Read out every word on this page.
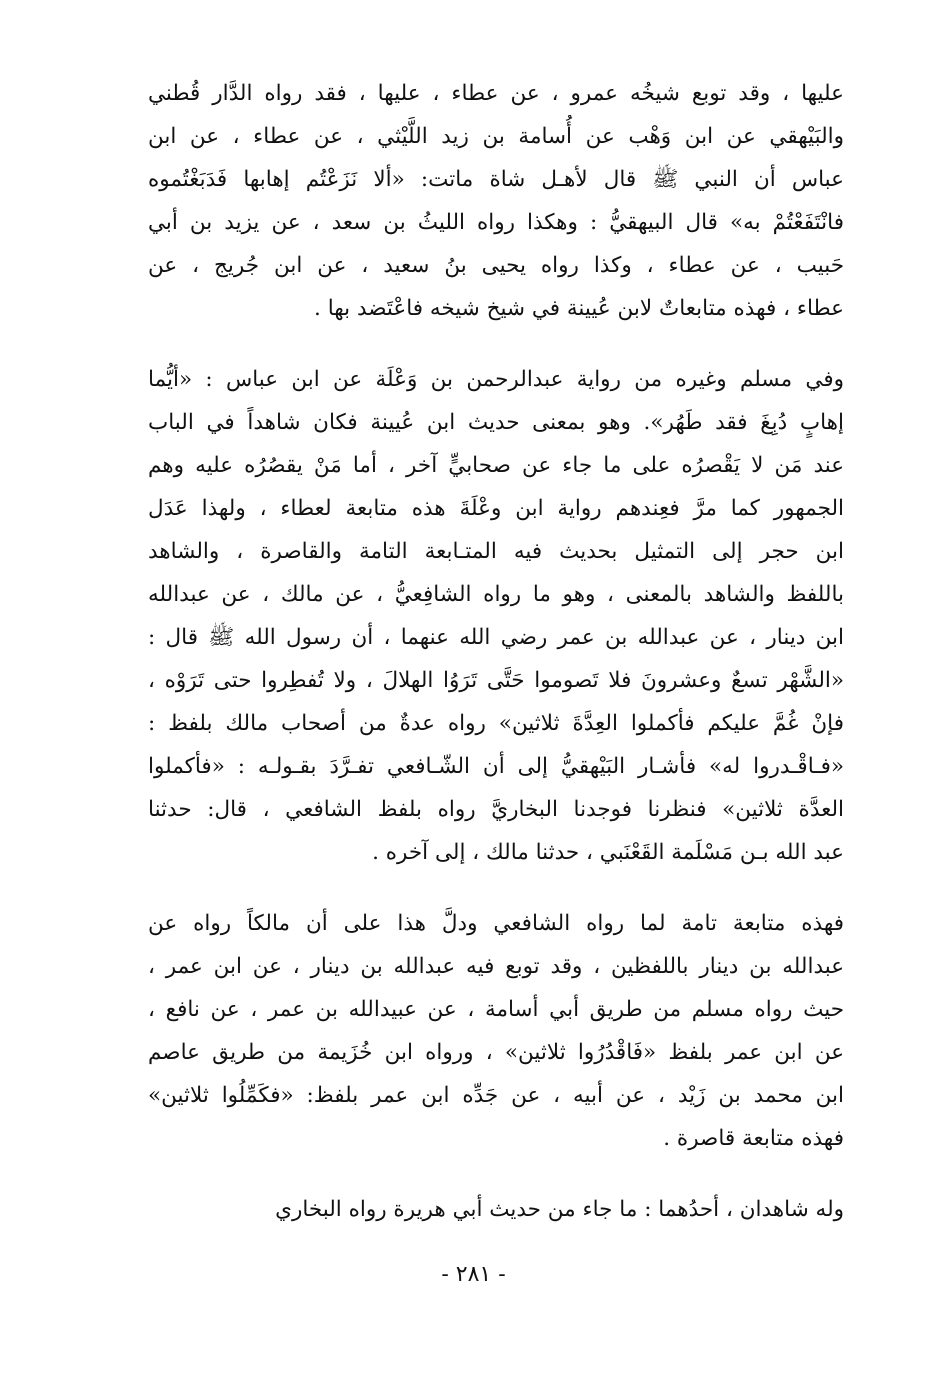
عليها ، وقد توبع شيخُه عمرو ، عن عطاء ، عليها ، فقد رواه الدَّار قُطني
والبَيْهقي عن ابن وَهْب عن أُسامة بن زيد اللَّيْثي ، عن عطاء ، عن ابن
عباس أن النبي ﷺ قال لأهـل شاة ماتت: «ألا نَزَعْتُم إهابها فَدَبَغْتُموه
فانْتَفَعْتُمْ به» قال البيهقيُّ : وهكذا رواه الليثُ بن سعد ، عن يزيد بن أبي
حَبيب ، عن عطاء ، وكذا رواه يحيى بنُ سعيد ، عن ابن جُريج ، عن
عطاء ، فهذه متابعاتٌ لابن عُيينة في شيخ شيخه فاعْتَضد بها .
وفي مسلم وغيره من رواية عبدالرحمن بن وَعْلَة عن ابن عباس : «أيُّما
إهابٍ دُبِغَ فقد طَهُر». وهو بمعنى حديث ابن عُيينة فكان شاهداً في الباب
عند مَن لا يَقْصرُه على ما جاء عن صحابيٍّ آخر ، أما مَنْ يقصُرُه عليه وهم
الجمهور كما مرَّ فعِندهم رواية ابن وعْلَةَ هذه متابعة لعطاء ، ولهذا عَدَل
ابن حجر إلى التمثيل بحديث فيه المتـابعة التامة والقاصرة ، والشاهد
باللفظ والشاهد بالمعنى ، وهو ما رواه الشافِعيُّ ، عن مالك ، عن عبدالله
ابن دينار ، عن عبدالله بن عمر رضي الله عنهما ، أن رسول الله ﷺ قال :
«الشَّهْر تسعٌ وعشرونَ فلا تَصوموا حَتَّى تَرَوُا الهلالَ ، ولا تُفطِروا حتى تَرَوْه ،
فإنْ غُمَّ عليكم فأكملوا العِدَّةَ ثلاثين» رواه عدةٌ من أصحاب مالك بلفظ :
«فـاقْـدروا له» فأشـار البَيْهقيُّ إلى أن الشّـافعي تفـرَّدَ بقـولـه : «فأكملوا
العدَّة ثلاثين» فنظرنا فوجدنا البخاريَّ رواه بلفظ الشافعي ، قال: حدثنا
عبد الله بـن مَسْلَمة القَعْنَبي ، حدثنا مالك ، إلى آخره .
فهذه متابعة تامة لما رواه الشافعي ودلَّ هذا على أن مالكاً رواه عن
عبدالله بن دينار باللفظين ، وقد توبع فيه عبدالله بن دينار ، عن ابن عمر ،
حيث رواه مسلم من طريق أبي أسامة ، عن عبيدالله بن عمر ، عن نافع ،
عن ابن عمر بلفظ «فَاقْدُرُوا ثلاثين» ، ورواه ابن خُزَيمة من طريق عاصم
ابن محمد بن زَيْد ، عن أبيه ، عن جَدِّه ابن عمر بلفظ: «فكَمِّلُوا ثلاثين»
فهذه متابعة قاصرة .
وله شاهدان ، أحدُهما : ما جاء من حديث أبي هريرة رواه البخاري
- ٢٨١ -
